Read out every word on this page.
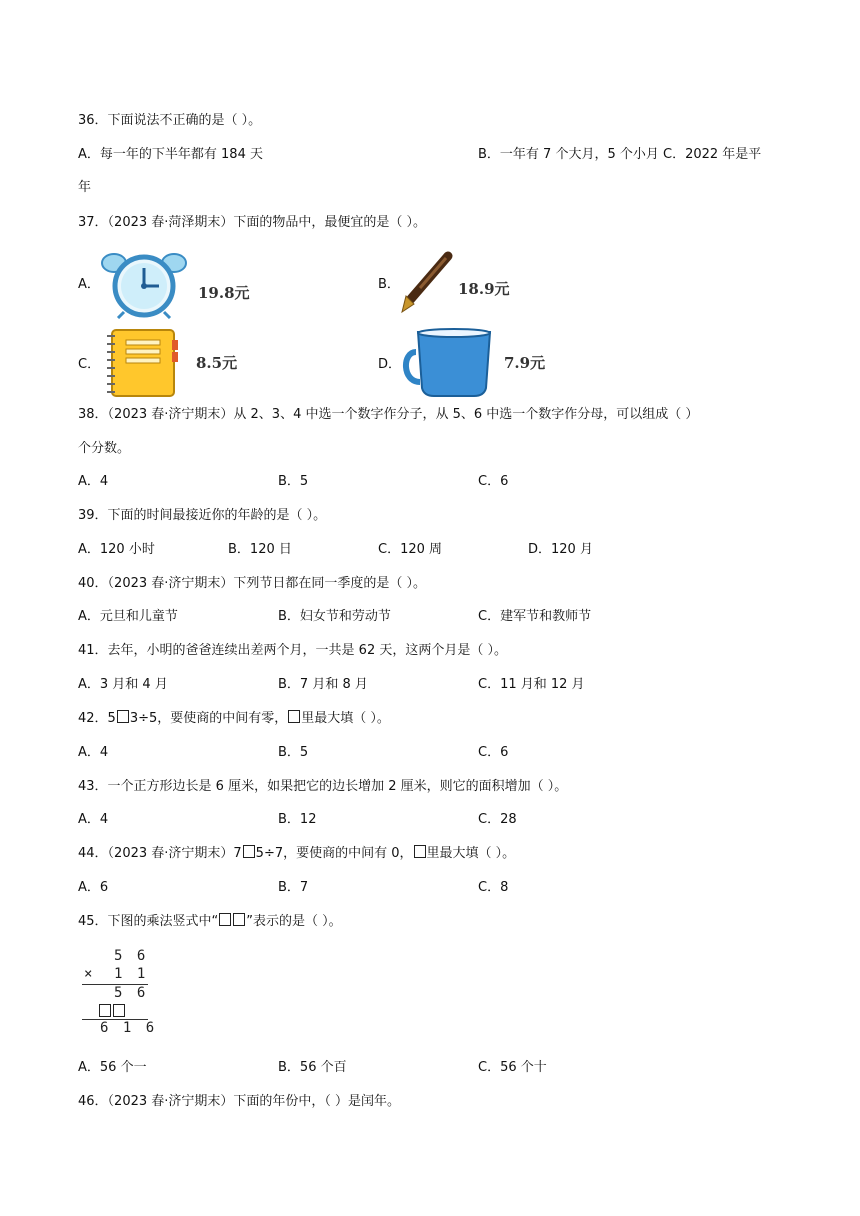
36．下面说法不正确的是（ ）。
A．每一年的下半年都有 184 天	B．一年有 7 个大月，5 个小月 C．2022 年是平
年
37．（2023 春·菏泽期末）下面的物品中，最便宜的是（ ）。
A．	19.8元	B．	18.9元
C．	8.5元	D．	7.9元
38．（2023 春·济宁期末）从 2、3、4 中选一个数字作分子，从 5、6 中选一个数字作分母，可以组成（ ）
个分数。
A．4	B．5	C．6
39．下面的时间最接近你的年龄的是（ ）。
A．120 小时	B．120 日	C．120 周	D．120 月
40．（2023 春·济宁期末）下列节日都在同一季度的是（ ）。
A．元旦和儿童节	B．妇女节和劳动节	C．建军节和教师节
41．去年，小明的爸爸连续出差两个月，一共是 62 天，这两个月是（ ）。
A．3 月和 4 月	B．7 月和 8 月	C．11 月和 12 月
42．5 3÷5，要使商的中间有零， 里最大填（ ）。
A．4	B．5	C．6
43．一个正方形边长是 6 厘米，如果把它的边长增加 2 厘米，则它的面积增加（ ）。
A．4	B．12	C．28
44．（2023 春·济宁期末）7 5÷7，要使商的中间有 0， 里最大填（ ）。
A．6	B．7	C．8
45．下图的乘法竖式中“ ”表示的是（ ）。
5 6
× 1 1
5 6
6 1 6
A．56 个一	B．56 个百	C．56 个十
46．（2023 春·济宁期末）下面的年份中，（ ）是闰年。
